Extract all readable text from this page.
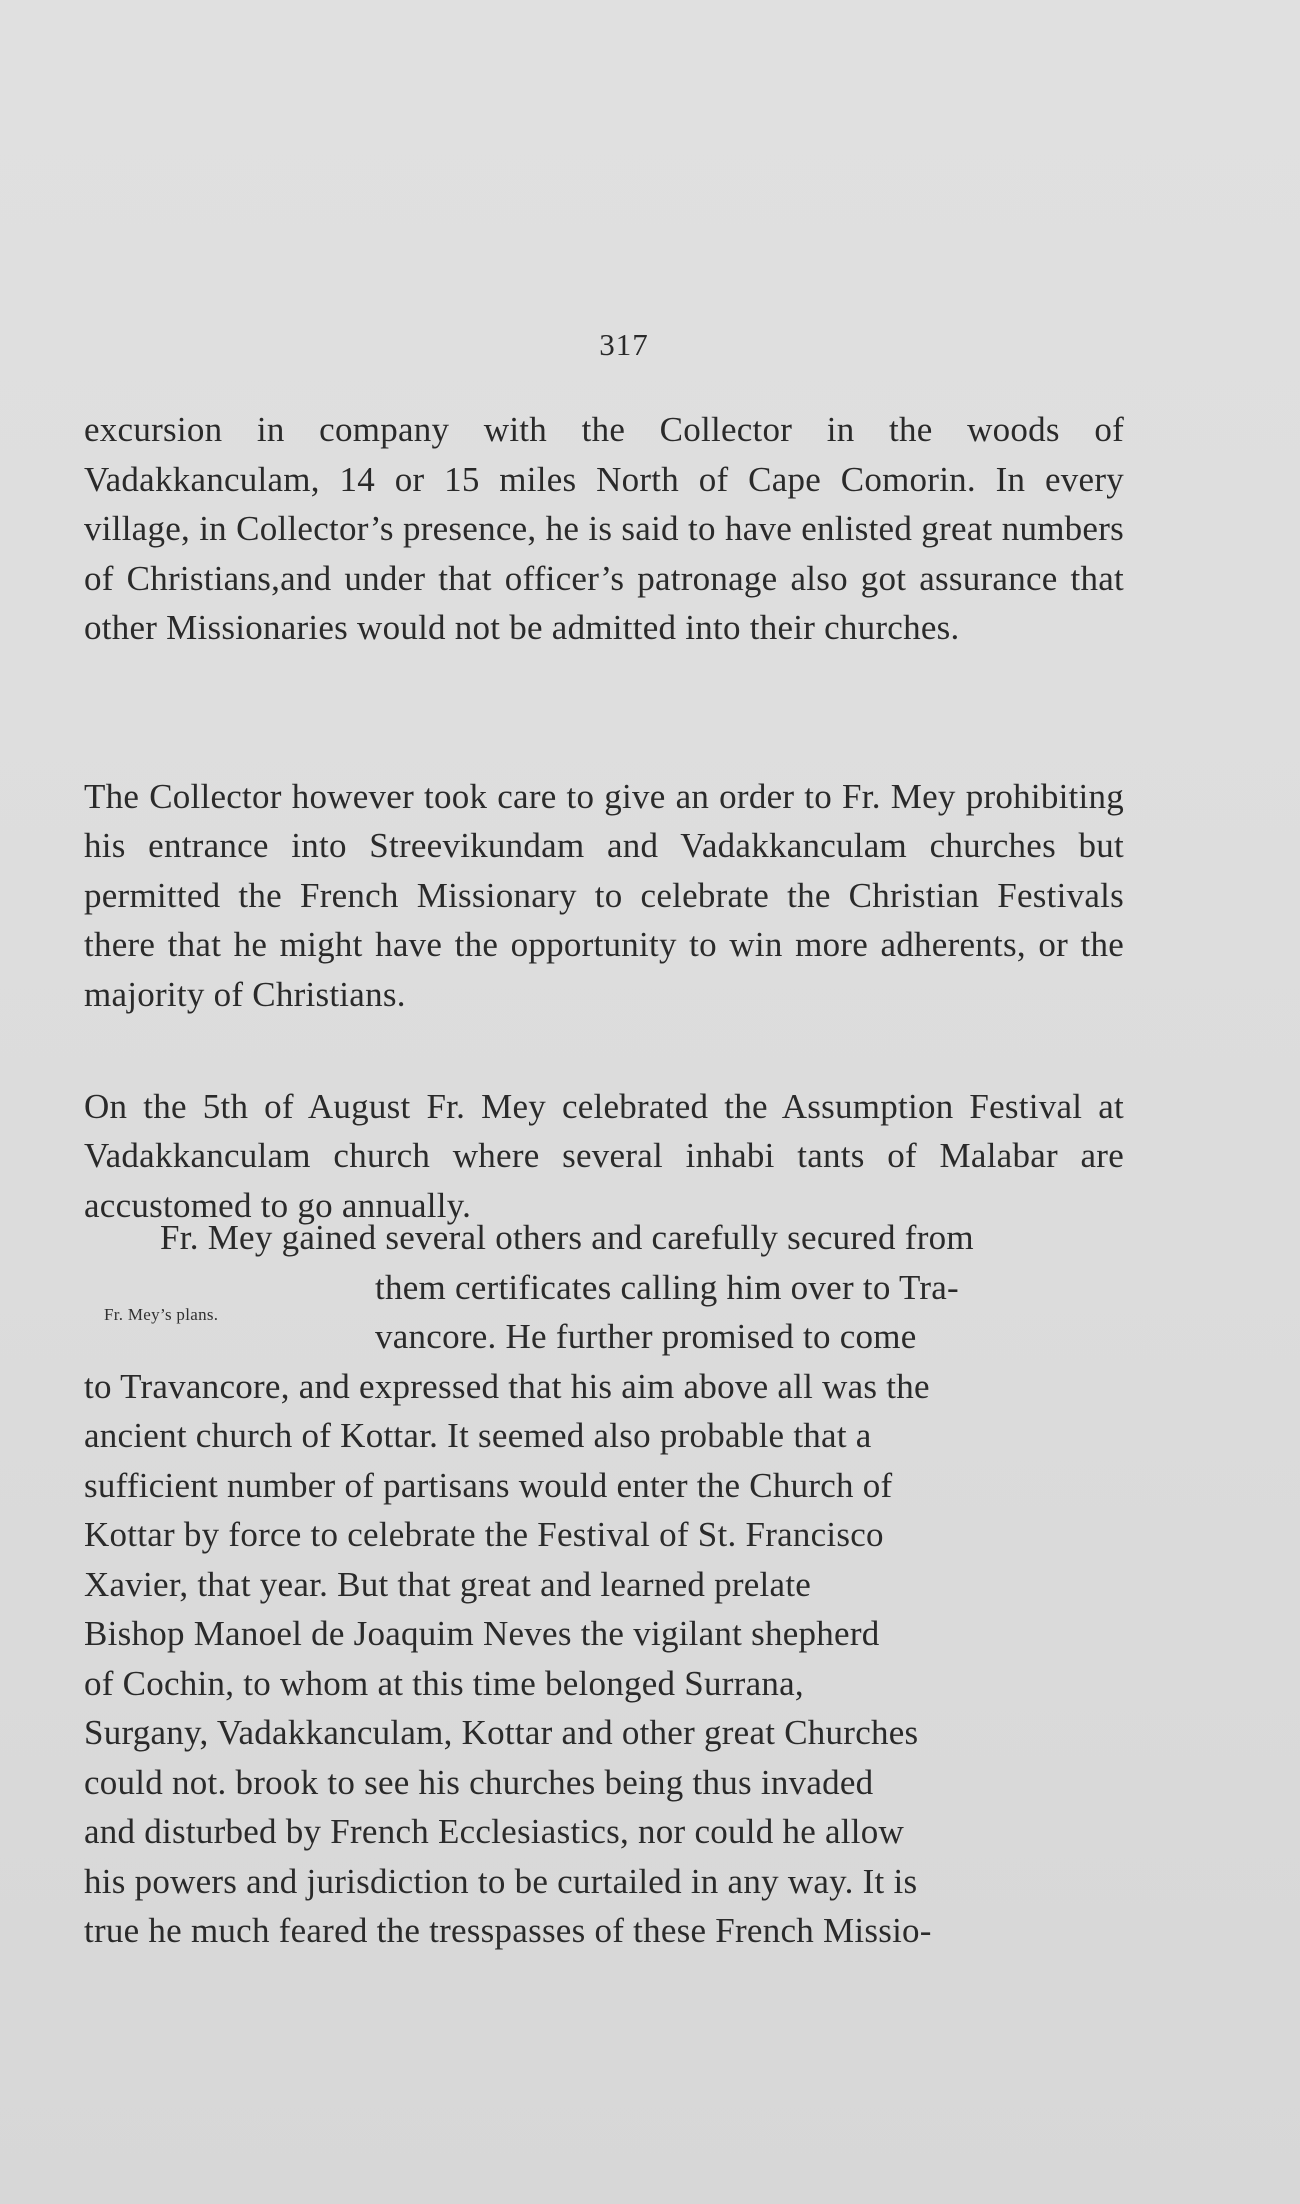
317
excursion in company with the Collector in the woods of Vadakkanculam, 14 or 15 miles North of Cape Comorin. In every village, in Collector’s presence, he is said to have enlisted great numbers of Christians,and under that officer’s patronage also got assurance that other Missionaries would not be admitted into their churches.

The Collector however took care to give an order to Fr. Mey prohibiting his entrance into Streevikundam and Vadakkanculam churches but permitted the French Missionary to celebrate the Christian Festivals there that he might have the opportunity to win more adherents, or the majority of Christians.

On the 5th of August Fr. Mey celebrated the Assumption Festival at Vadakkanculam church where several inhabi tants of Malabar are accustomed to go annually.

Fr. Mey’s plans.
Fr. Mey gained several others and carefully secured from
them certificates calling him over to Tra-
vancore. He further promised to come
to Travancore, and expressed that his aim above all was the
ancient church of Kottar. It seemed also probable that a
sufficient number of partisans would enter the Church of
Kottar by force to celebrate the Festival of St. Francisco
Xavier, that year. But that great and learned prelate
Bishop Manoel de Joaquim Neves the vigilant shepherd
of Cochin, to whom at this time belonged Surrana,
Surgany, Vadakkanculam, Kottar and other great Churches
could not. brook to see his churches being thus invaded
and disturbed by French Ecclesiastics, nor could he allow
his powers and jurisdiction to be curtailed in any way. It is
true he much feared the tresspasses of these French Missio-
